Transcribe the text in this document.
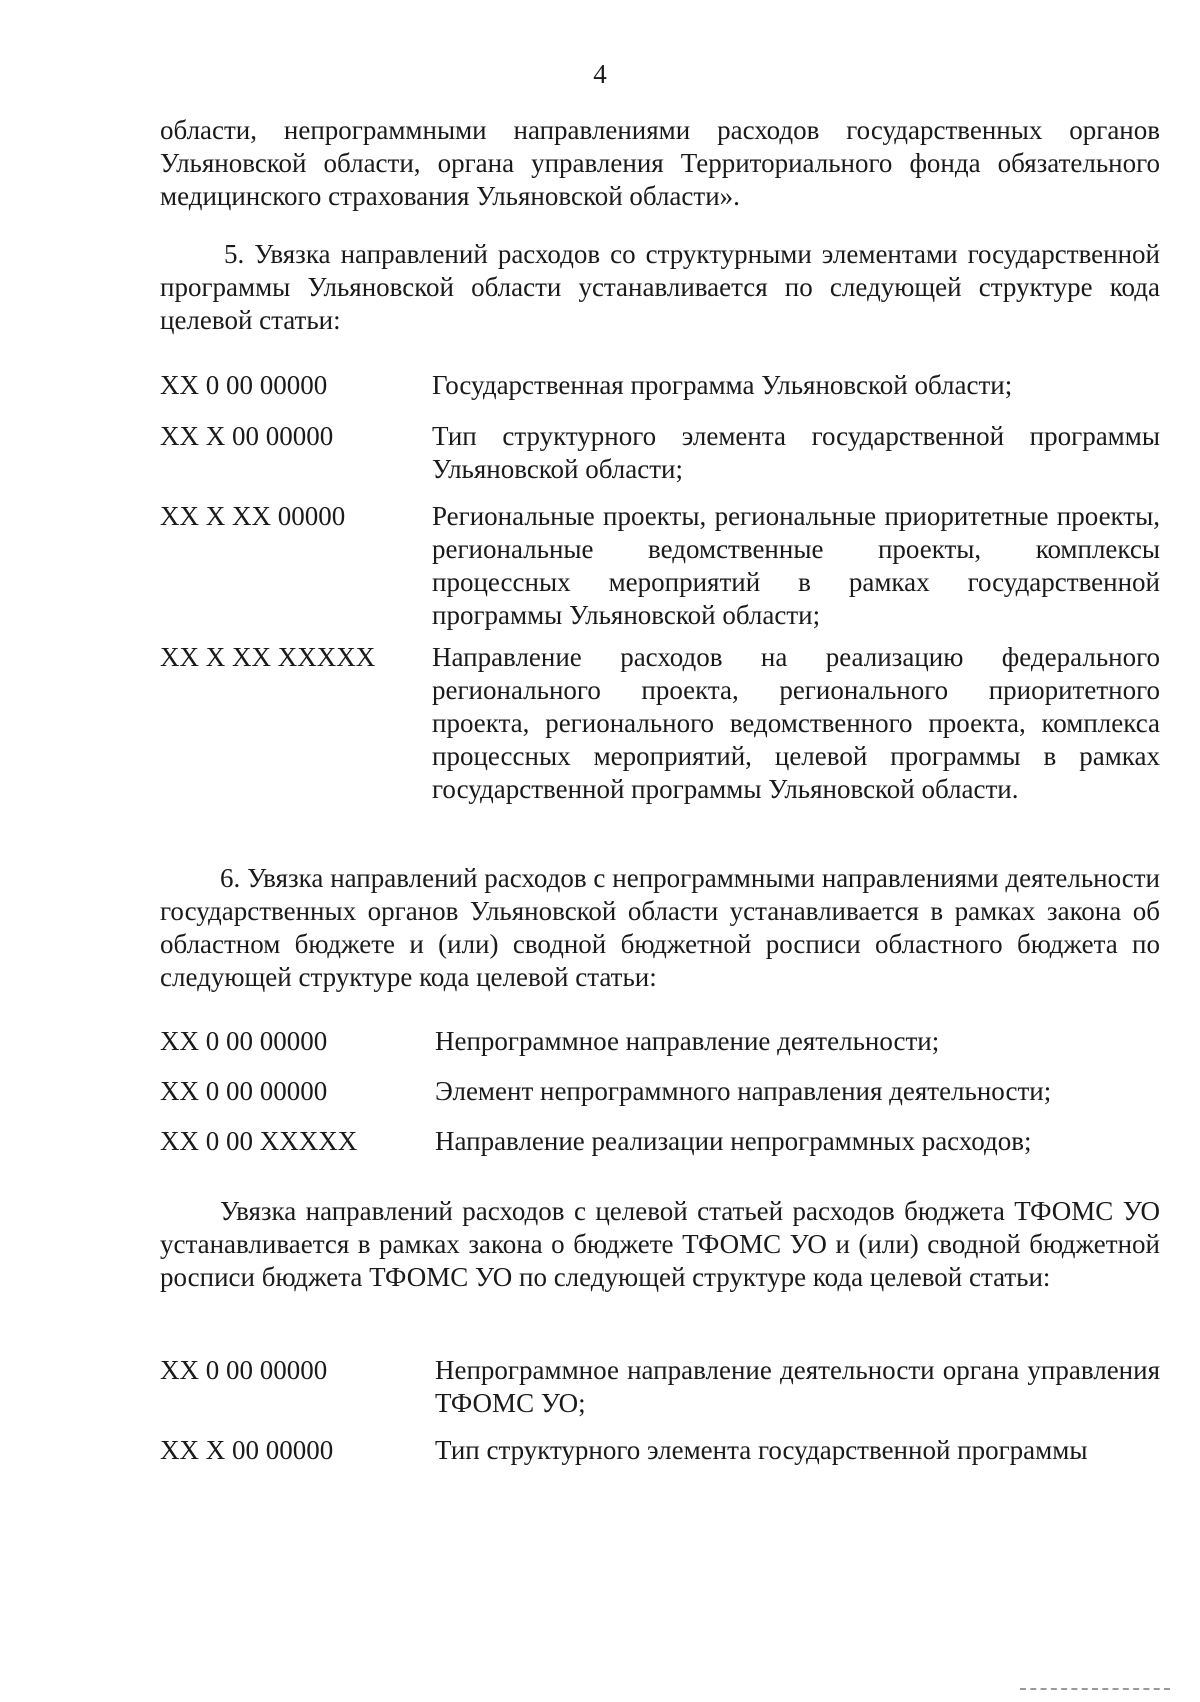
4

области, непрограммными направлениями расходов государственных органов Ульяновской области, органа управления Территориального фонда обязательного медицинского страхования Ульяновской области».

5. Увязка направлений расходов со структурными элементами государственной программы Ульяновской области устанавливается по следующей структуре кода целевой статьи:

XX 0 00 00000	Государственная программа Ульяновской области;
XX X 00 00000	Тип структурного элемента государственной программы Ульяновской области;
XX X XX 00000	Региональные проекты, региональные приоритетные проекты, региональные ведомственные проекты, комплексы процессных мероприятий в рамках государственной программы Ульяновской области;
XX X XX XXXXX	Направление расходов на реализацию федерального регионального проекта, регионального приоритетного проекта, регионального ведомственного проекта, комплекса процессных мероприятий, целевой программы в рамках государственной программы Ульяновской области.

6. Увязка направлений расходов с непрограммными направлениями деятельности государственных органов Ульяновской области устанавливается в рамках закона об областном бюджете и (или) сводной бюджетной росписи областного бюджета по следующей структуре кода целевой статьи:

XX 0 00 00000	Непрограммное направление деятельности;
XX 0 00 00000	Элемент непрограммного направления деятельности;
XX 0 00 XXXXX	Направление реализации непрограммных расходов;

Увязка направлений расходов с целевой статьей расходов бюджета ТФОМС УО устанавливается в рамках закона о бюджете ТФОМС УО и (или) сводной бюджетной росписи бюджета ТФОМС УО по следующей структуре кода целевой статьи:

XX 0 00 00000	Непрограммное направление деятельности органа управления ТФОМС УО;
XX X 00 00000	Тип структурного элемента государственной программы
